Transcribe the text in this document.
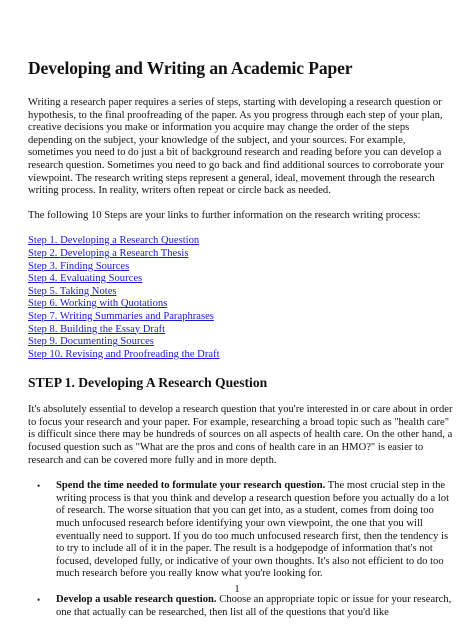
Developing and Writing an Academic Paper

Writing a research paper requires a series of steps, starting with developing a research question or hypothesis, to the final proofreading of the paper. As you progress through each step of your plan, creative decisions you make or information you acquire may change the order of the steps depending on the subject, your knowledge of the subject, and your sources. For example, sometimes you need to do just a bit of background research and reading before you can develop a research question. Sometimes you need to go back and find additional sources to corroborate your viewpoint. The research writing steps represent a general, ideal, movement through the research writing process. In reality, writers often repeat or circle back as needed.

The following 10 Steps are your links to further information on the research writing process:

Step 1. Developing a Research Question
Step 2. Developing a Research Thesis
Step 3. Finding Sources
Step 4. Evaluating Sources
Step 5. Taking Notes
Step 6. Working with Quotations
Step 7. Writing Summaries and Paraphrases
Step 8. Building the Essay Draft
Step 9. Documenting Sources
Step 10. Revising and Proofreading the Draft
STEP 1. Developing A Research Question

It's absolutely essential to develop a research question that you're interested in or care about in order to focus your research and your paper. For example, researching a broad topic such as "health care" is difficult since there may be hundreds of sources on all aspects of health care. On the other hand, a focused question such as "What are the pros and cons of health care in an HMO?" is easier to research and can be covered more fully and in more depth.

• Spend the time needed to formulate your research question. The most crucial step in the writing process is that you think and develop a research question before you actually do a lot of research. The worse situation that you can get into, as a student, comes from doing too much unfocused research before identifying your own viewpoint, the one that you will eventually need to support. If you do too much unfocused research first, then the tendency is to try to include all of it in the paper. The result is a hodgepodge of information that's not focused, developed fully, or indicative of your own thoughts. It's also not efficient to do too much research before you really know what you're looking for.
• Develop a usable research question. Choose an appropriate topic or issue for your research, one that actually can be researched, then list all of the questions that you'd like
1
